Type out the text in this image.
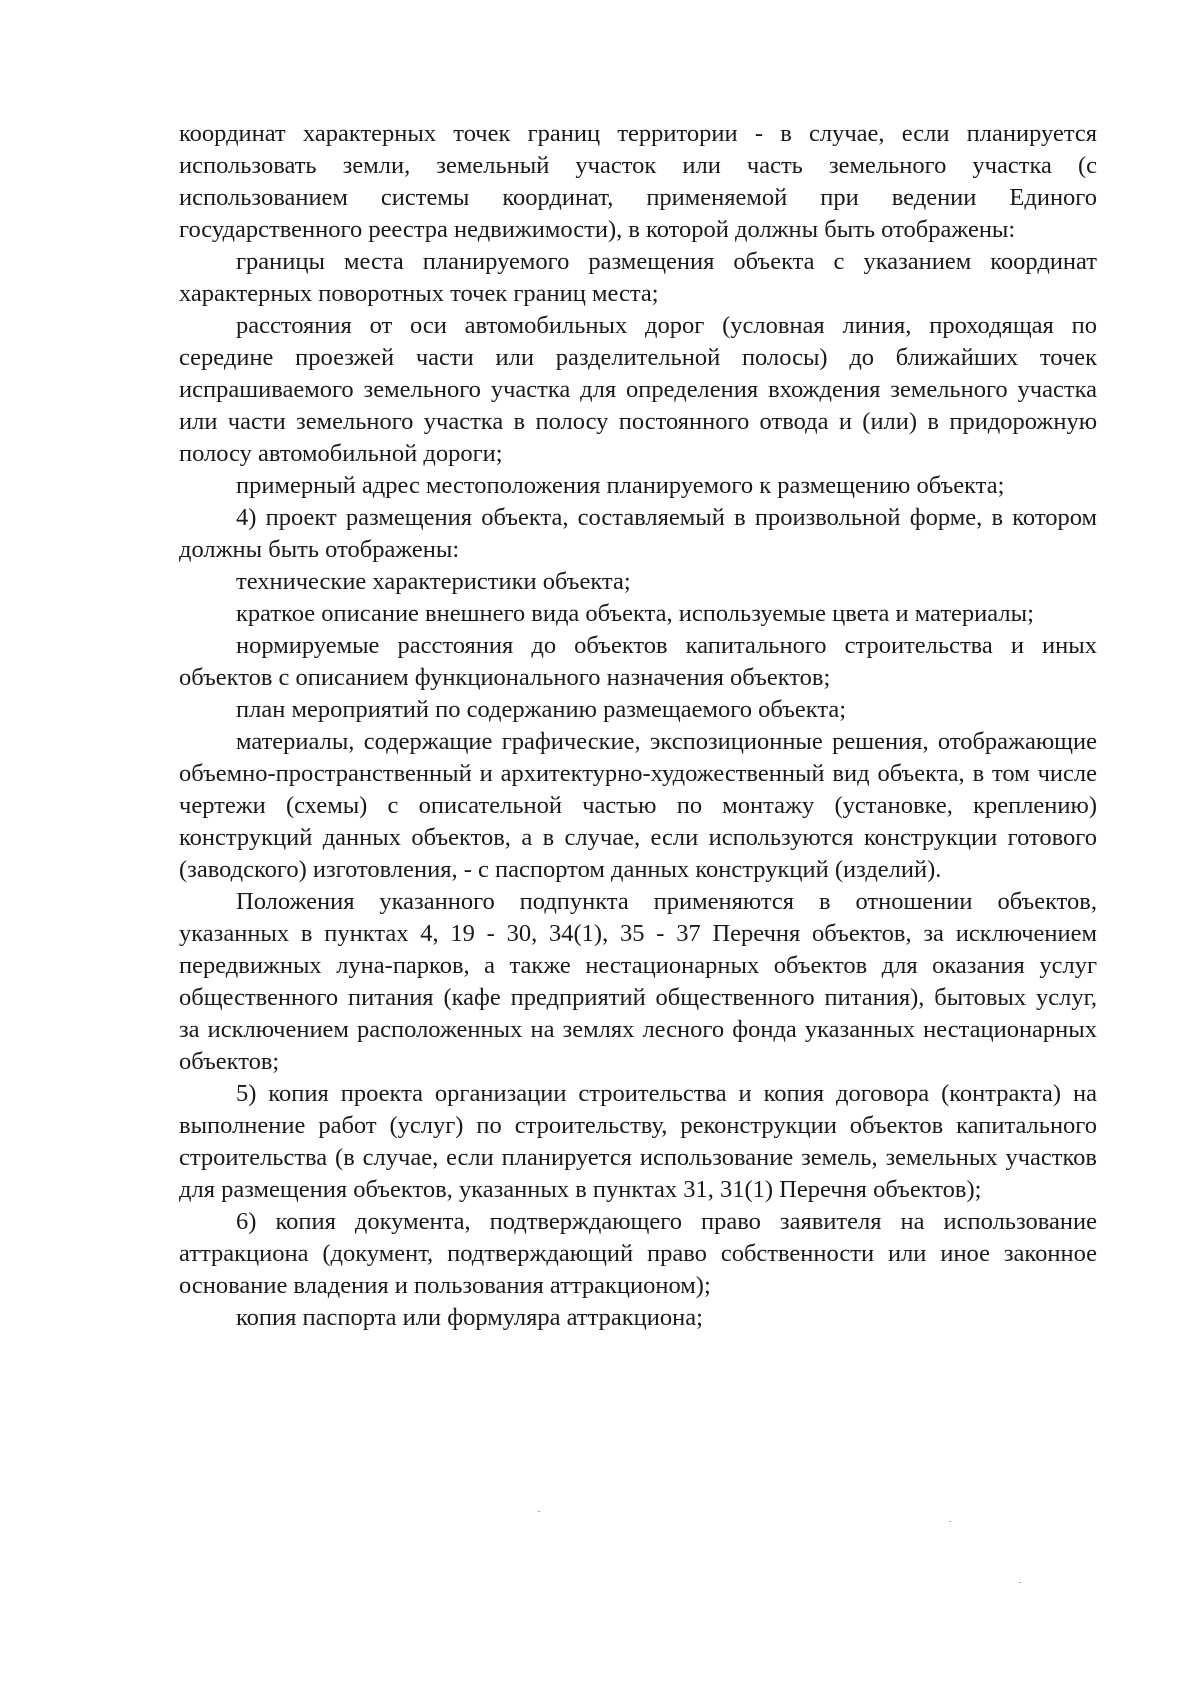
координат характерных точек границ территории - в случае, если планируется использовать земли, земельный участок или часть земельного участка (с использованием системы координат, применяемой при ведении Единого государственного реестра недвижимости), в которой должны быть отображены:

границы места планируемого размещения объекта с указанием координат характерных поворотных точек границ места;

расстояния от оси автомобильных дорог (условная линия, проходящая по середине проезжей части или разделительной полосы) до ближайших точек испрашиваемого земельного участка для определения вхождения земельного участка или части земельного участка в полосу постоянного отвода и (или) в придорожную полосу автомобильной дороги;

примерный адрес местоположения планируемого к размещению объекта;

4) проект размещения объекта, составляемый в произвольной форме, в котором должны быть отображены:

технические характеристики объекта;

краткое описание внешнего вида объекта, используемые цвета и материалы;

нормируемые расстояния до объектов капитального строительства и иных объектов с описанием функционального назначения объектов;

план мероприятий по содержанию размещаемого объекта;

материалы, содержащие графические, экспозиционные решения, отображающие объемно-пространственный и архитектурно-художественный вид объекта, в том числе чертежи (схемы) с описательной частью по монтажу (установке, креплению) конструкций данных объектов, а в случае, если используются конструкции готового (заводского) изготовления, - с паспортом данных конструкций (изделий).

Положения указанного подпункта применяются в отношении объектов, указанных в пунктах 4, 19 - 30, 34(1), 35 - 37 Перечня объектов, за исключением передвижных луна-парков, а также нестационарных объектов для оказания услуг общественного питания (кафе предприятий общественного питания), бытовых услуг, за исключением расположенных на землях лесного фонда указанных нестационарных объектов;

5) копия проекта организации строительства и копия договора (контракта) на выполнение работ (услуг) по строительству, реконструкции объектов капитального строительства (в случае, если планируется использование земель, земельных участков для размещения объектов, указанных в пунктах 31, 31(1) Перечня объектов);

6) копия документа, подтверждающего право заявителя на использование аттракциона (документ, подтверждающий право собственности или иное законное основание владения и пользования аттракционом);

копия паспорта или формуляра аттракциона;
